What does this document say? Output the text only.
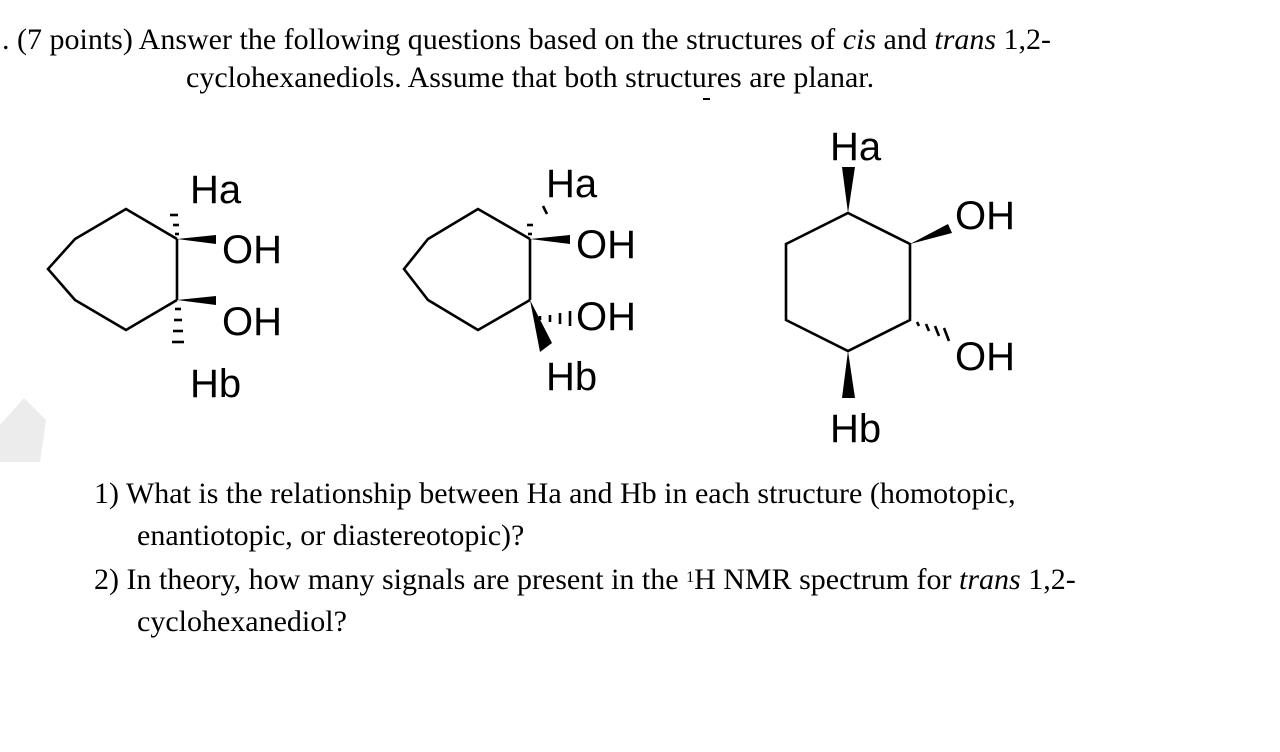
. (7 points) Answer the following questions based on the structures of cis and trans 1,2-
cyclohexanediols. Assume that both structures are planar.
Ha
OH
OH
Hb
Ha
OH
OH
Hb
Ha
OH
OH
Hb
1) What is the relationship between Ha and Hb in each structure (homotopic,
enantiotopic, or diastereotopic)?
2) In theory, how many signals are present in the $^1$H NMR spectrum for trans 1,2-
cyclohexanediol?
